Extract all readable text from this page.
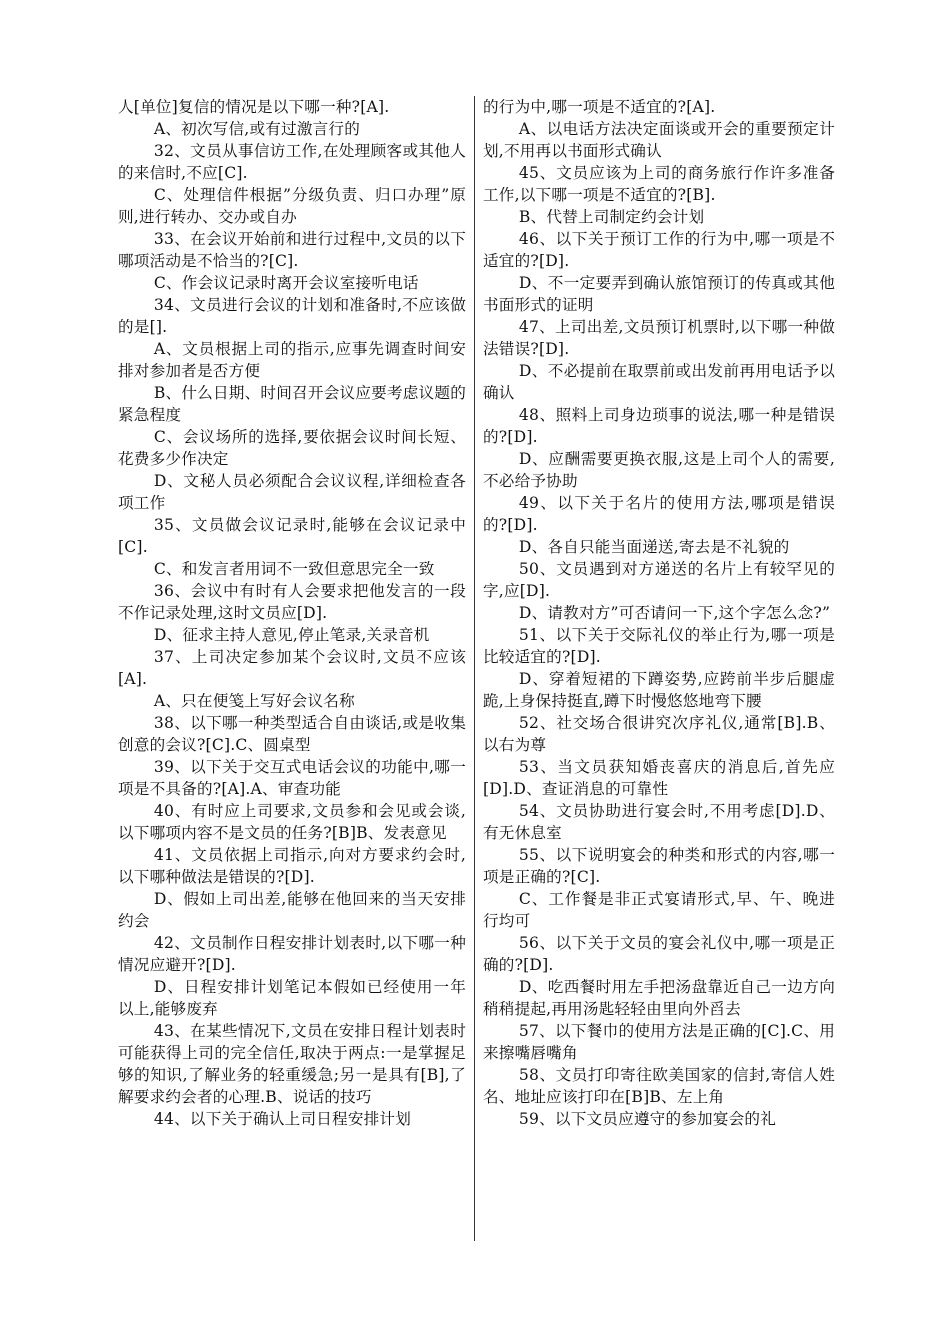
人[单位]复信的情况是以下哪一种?[A].

A、初次写信,或有过激言行的

32、文员从事信访工作,在处理顾客或其他人的来信时,不应[C].

C、处理信件根据”分级负责、归口办理”原则,进行转办、交办或自办

33、在会议开始前和进行过程中,文员的以下哪项活动是不恰当的?[C].

C、作会议记录时离开会议室接听电话

34、文员进行会议的计划和准备时,不应该做的是[].

A、文员根据上司的指示,应事先调查时间安排对参加者是否方便

B、什么日期、时间召开会议应要考虑议题的紧急程度

C、会议场所的选择,要依据会议时间长短、花费多少作决定

D、文秘人员必须配合会议议程,详细检查各项工作

35、文员做会议记录时,能够在会议记录中[C].

C、和发言者用词不一致但意思完全一致

36、会议中有时有人会要求把他发言的一段不作记录处理,这时文员应[D].

D、征求主持人意见,停止笔录,关录音机

37、上司决定参加某个会议时,文员不应该[A].

A、只在便笺上写好会议名称

38、以下哪一种类型适合自由谈话,或是收集创意的会议?[C].C、圆桌型

39、以下关于交互式电话会议的功能中,哪一项是不具备的?[A].A、审查功能

40、有时应上司要求,文员参和会见或会谈,以下哪项内容不是文员的任务?[B]B、发表意见

41、文员依据上司指示,向对方要求约会时,以下哪种做法是错误的?[D].

D、假如上司出差,能够在他回来的当天安排约会

42、文员制作日程安排计划表时,以下哪一种情况应避开?[D].

D、日程安排计划笔记本假如已经使用一年以上,能够废弃

43、在某些情况下,文员在安排日程计划表时可能获得上司的完全信任,取决于两点:一是掌握足够的知识,了解业务的轻重缓急;另一是具有[B],了解要求约会者的心理.B、说话的技巧

44、以下关于确认上司日程安排计划

的行为中,哪一项是不适宜的?[A].

A、以电话方法决定面谈或开会的重要预定计划,不用再以书面形式确认

45、文员应该为上司的商务旅行作许多准备工作,以下哪一项是不适宜的?[B].

B、代替上司制定约会计划

46、以下关于预订工作的行为中,哪一项是不适宜的?[D].

D、不一定要弄到确认旅馆预订的传真或其他书面形式的证明

47、上司出差,文员预订机票时,以下哪一种做法错误?[D].

D、不必提前在取票前或出发前再用电话予以确认

48、照料上司身边琐事的说法,哪一种是错误的?[D].

D、应酬需要更换衣服,这是上司个人的需要,不必给予协助

49、以下关于名片的使用方法,哪项是错误的?[D].

D、各自只能当面递送,寄去是不礼貌的

50、文员遇到对方递送的名片上有较罕见的字,应[D].

D、请教对方”可否请问一下,这个字怎么念?”

51、以下关于交际礼仪的举止行为,哪一项是比较适宜的?[D].

D、穿着短裙的下蹲姿势,应跨前半步后腿虚跪,上身保持挺直,蹲下时慢悠悠地弯下腰

52、社交场合很讲究次序礼仪,通常[B].B、以右为尊

53、当文员获知婚丧喜庆的消息后,首先应[D].D、查证消息的可靠性

54、文员协助进行宴会时,不用考虑[D].D、有无休息室

55、以下说明宴会的种类和形式的内容,哪一项是正确的?[C].

C、工作餐是非正式宴请形式,早、午、晚进行均可

56、以下关于文员的宴会礼仪中,哪一项是正确的?[D].

D、吃西餐时用左手把汤盘靠近自己一边方向稍稍提起,再用汤匙轻轻由里向外舀去

57、以下餐巾的使用方法是正确的[C].C、用来擦嘴唇嘴角

58、文员打印寄往欧美国家的信封,寄信人姓名、地址应该打印在[B]B、左上角

59、以下文员应遵守的参加宴会的礼
